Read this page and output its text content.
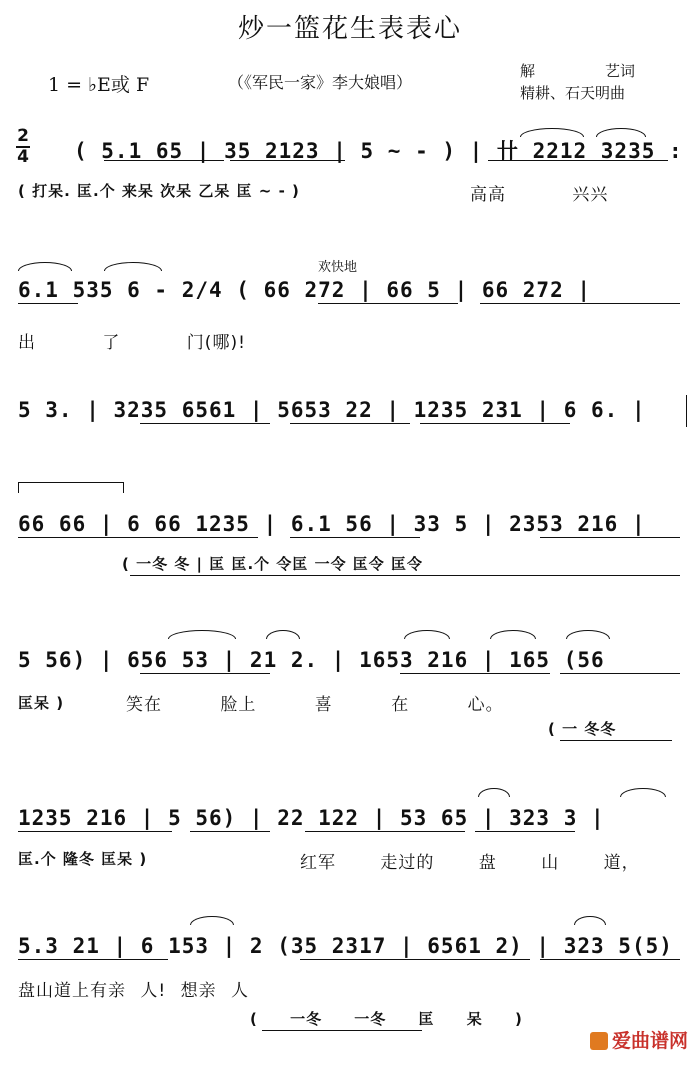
炒一篮花生表表心
1 = ♭E或 F	（《军民一家》李大娘唱）
解	艺词
精耕、石天明曲
2
4 ( 5.1 65 | 35 2123 | 5 ~ - ) | 卄 2212 3235 :
( 打呆. 匡.个 来呆 次呆 乙呆 匡 ~ - )	高高 兴兴
欢快地
6.1 535 6 - 2/4 ( 66 272 | 66 5 | 66 272 |
出 了 门(哪)!
5 3. | 3235 6561 | 5653 22 | 1235 231 | 6 6. |
66 66 | 6 66 1235 | 6.1 56 | 33 5 | 2353 216 |
( 一冬 冬 | 匡 匡.个 令匡 一令 匡令 匡令
5 56) | 656 53 | 21 2. | 1653 216 | 165 (56
匡呆 )	笑在 脸上 喜 在 心。
( 一 冬冬
1235 216 | 5 56) | 22 122 | 53 65 | 323 3 |
匡.个 隆冬 匡呆 )	红军 走过的 盘 山 道，
5.3 21 | 6 153 | 2 (35 2317 | 6561 2) | 323 5(5)
盘山道上有亲 人! 想亲 人
( 一冬 一冬 匡 呆 )
爱曲谱网
